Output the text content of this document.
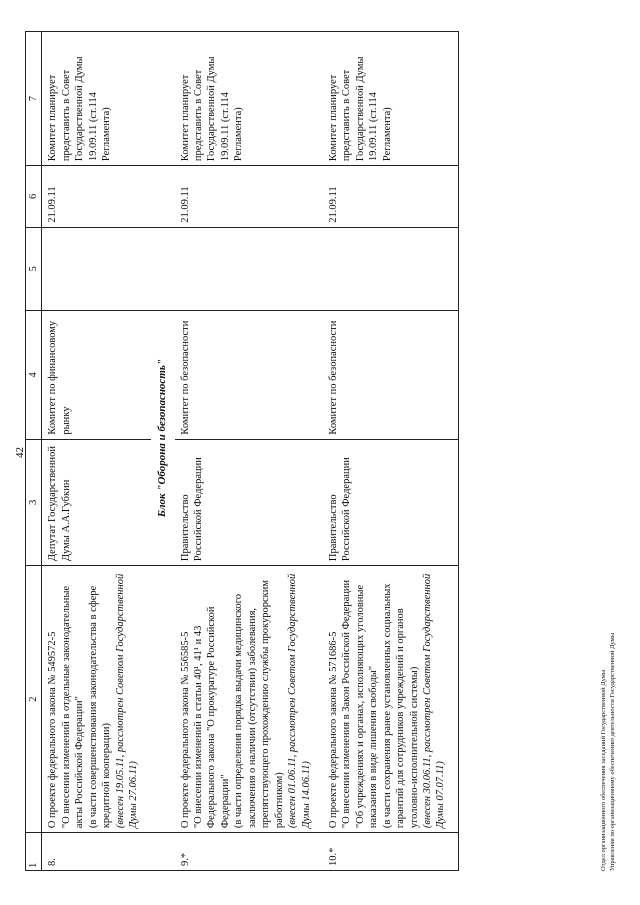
42
1	2	3	4	5	6	7
8.	О проекте федерального закона № 549572-5 "О внесении изменений в отдельные законодательные акты Российской Федерации" (в части совершенствования законодательства в сфере кредитной кооперации) (внесен 19.05.11, рассмотрен Советом Государственной Думы 27.06.11)	Депутат Государственной Думы А.А.Губкин	Комитет по финансовому рынку		21.09.11	Комитет планирует представить в Совет Государственной Думы 19.09.11 (ст.114 Регламента)

		Блок "Оборона и безопасность"				

9.*	О проекте федерального закона № 556585-5 "О внесении изменений в статьи 40¹, 41¹ и 43 Федерального закона "О прокуратуре Российской Федерации" (в части определения порядка выдачи медицинского заключения о наличии (отсутствии) заболевания, препятствующего прохождению службы прокурорским работником) (внесен 01.06.11, рассмотрен Советом Государственной Думы 14.06.11)	Правительство Российской Федерации	Комитет по безопасности		21.09.11	Комитет планирует представить в Совет Государственной Думы 19.09.11 (ст.114 Регламента)
10.*	О проекте федерального закона № 571686-5 "О внесении изменения в Закон Российской Федерации "Об учреждениях и органах, исполняющих уголовные наказания в виде лишения свободы" (в части сохранения ранее установленных социальных гарантий для сотрудников учреждений и органов уголовно-исполнительной системы) (внесен 30.06.11, рассмотрен Советом Государственной Думы 07.07.11)	Правительство Российской Федерации	Комитет по безопасности		21.09.11	Комитет планирует представить в Совет Государственной Думы 19.09.11 (ст.114 Регламента)
Отдел организационного обеспечения заседаний Государственной Думы Управления по организационному обеспечению деятельности Государственной Думы
